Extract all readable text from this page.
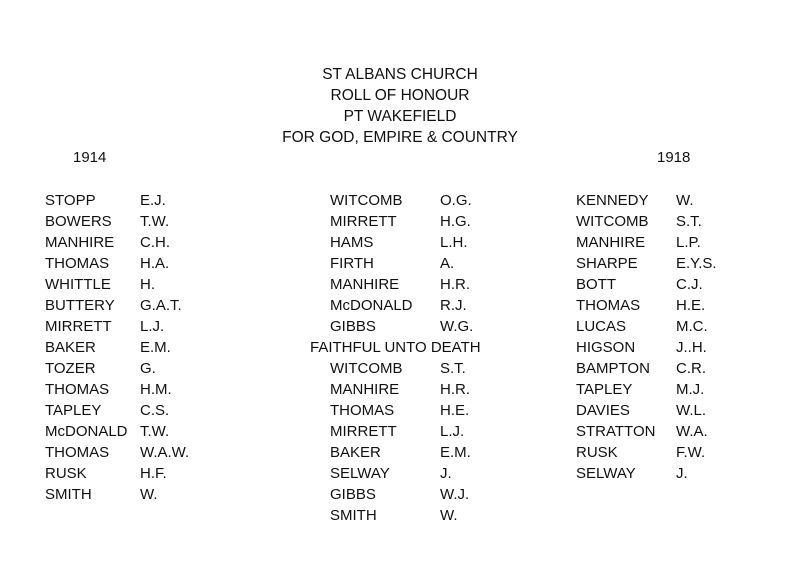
ST ALBANS CHURCH
ROLL OF HONOUR
PT WAKEFIELD
FOR GOD, EMPIRE & COUNTRY
1914	1918
STOPP	E.J.
BOWERS T.W.
MANHIRE C.H.
THOMAS H.A.
WHITTLE H.
BUTTERY G.A.T.
MIRRETT L.J.
BAKER	E.M.
TOZER	G.
THOMAS H.M.
TAPLEY	C.S.
McDONALD T.W.
THOMAS W.A.W.
RUSK	H.F.
SMITH	W.
WITCOMB	O.G.
MIRRETT	H.G.
HAMS	L.H.
FIRTH	A.
MANHIRE	H.R.
McDONALD R.J.
GIBBS	W.G.
FAITHFUL UNTO DEATH
WITCOMB	S.T.
MANHIRE	H.R.
THOMAS	H.E.
MIRRETT	L.J.
BAKER	E.M.
SELWAY	J.
GIBBS	W.J.
SMITH	W.
KENNEDY W.
WITCOMB S.T.
MANHIRE L.P.
SHARPE	E.Y.S.
BOTT	C.J.
THOMAS H.E.
LUCAS	M.C.
HIGSON	J..H.
BAMPTON C.R.
TAPLEY	M.J.
DAVIES	W.L.
STRATTON W.A.
RUSK	F.W.
SELWAY	J.
